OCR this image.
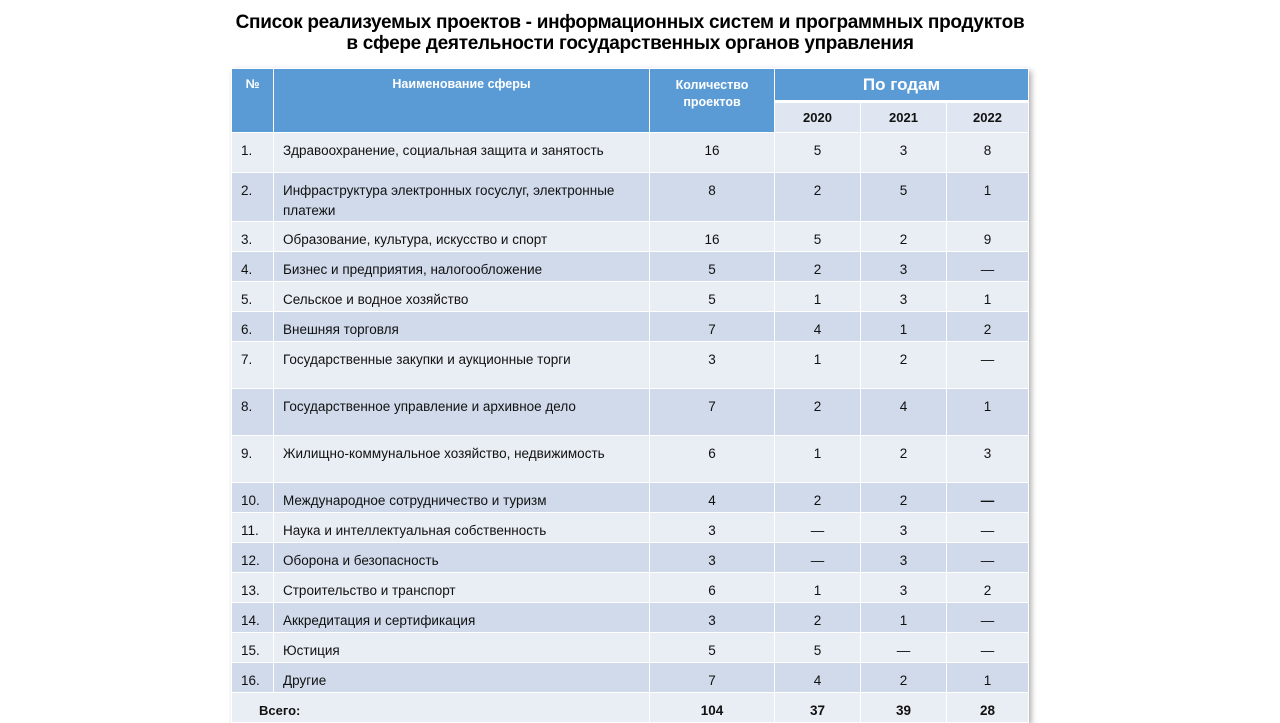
Список реализуемых проектов - информационных систем и программных продуктов
в сфере деятельности государственных органов управления
№	Наименование сферы	Количество проектов	По годам		
			2020	2021	2022
1.	Здравоохранение, социальная защита и занятость	16	5	3	8
2.	Инфраструктура электронных госуслуг, электронные платежи	8	2	5	1
3.	Образование, культура, искусство и спорт	16	5	2	9
4.	Бизнес и предприятия, налогообложение	5	2	3	—
5.	Сельское и водное хозяйство	5	1	3	1
6.	Внешняя торговля	7	4	1	2
7.	Государственные закупки и аукционные торги	3	1	2	—
8.	Государственное управление и архивное дело	7	2	4	1
9.	Жилищно-коммунальное хозяйство, недвижимость	6	1	2	3
10.	Международное сотрудничество и туризм	4	2	2	—
11.	Наука и интеллектуальная собственность	3	—	3	—
12.	Оборона и безопасность	3	—	3	—
13.	Строительство и транспорт	6	1	3	2
14.	Аккредитация и сертификация	3	2	1	—
15.	Юстиция	5	5	—	—
16.	Другие	7	4	2	1
Всего:		104	37	39	28
